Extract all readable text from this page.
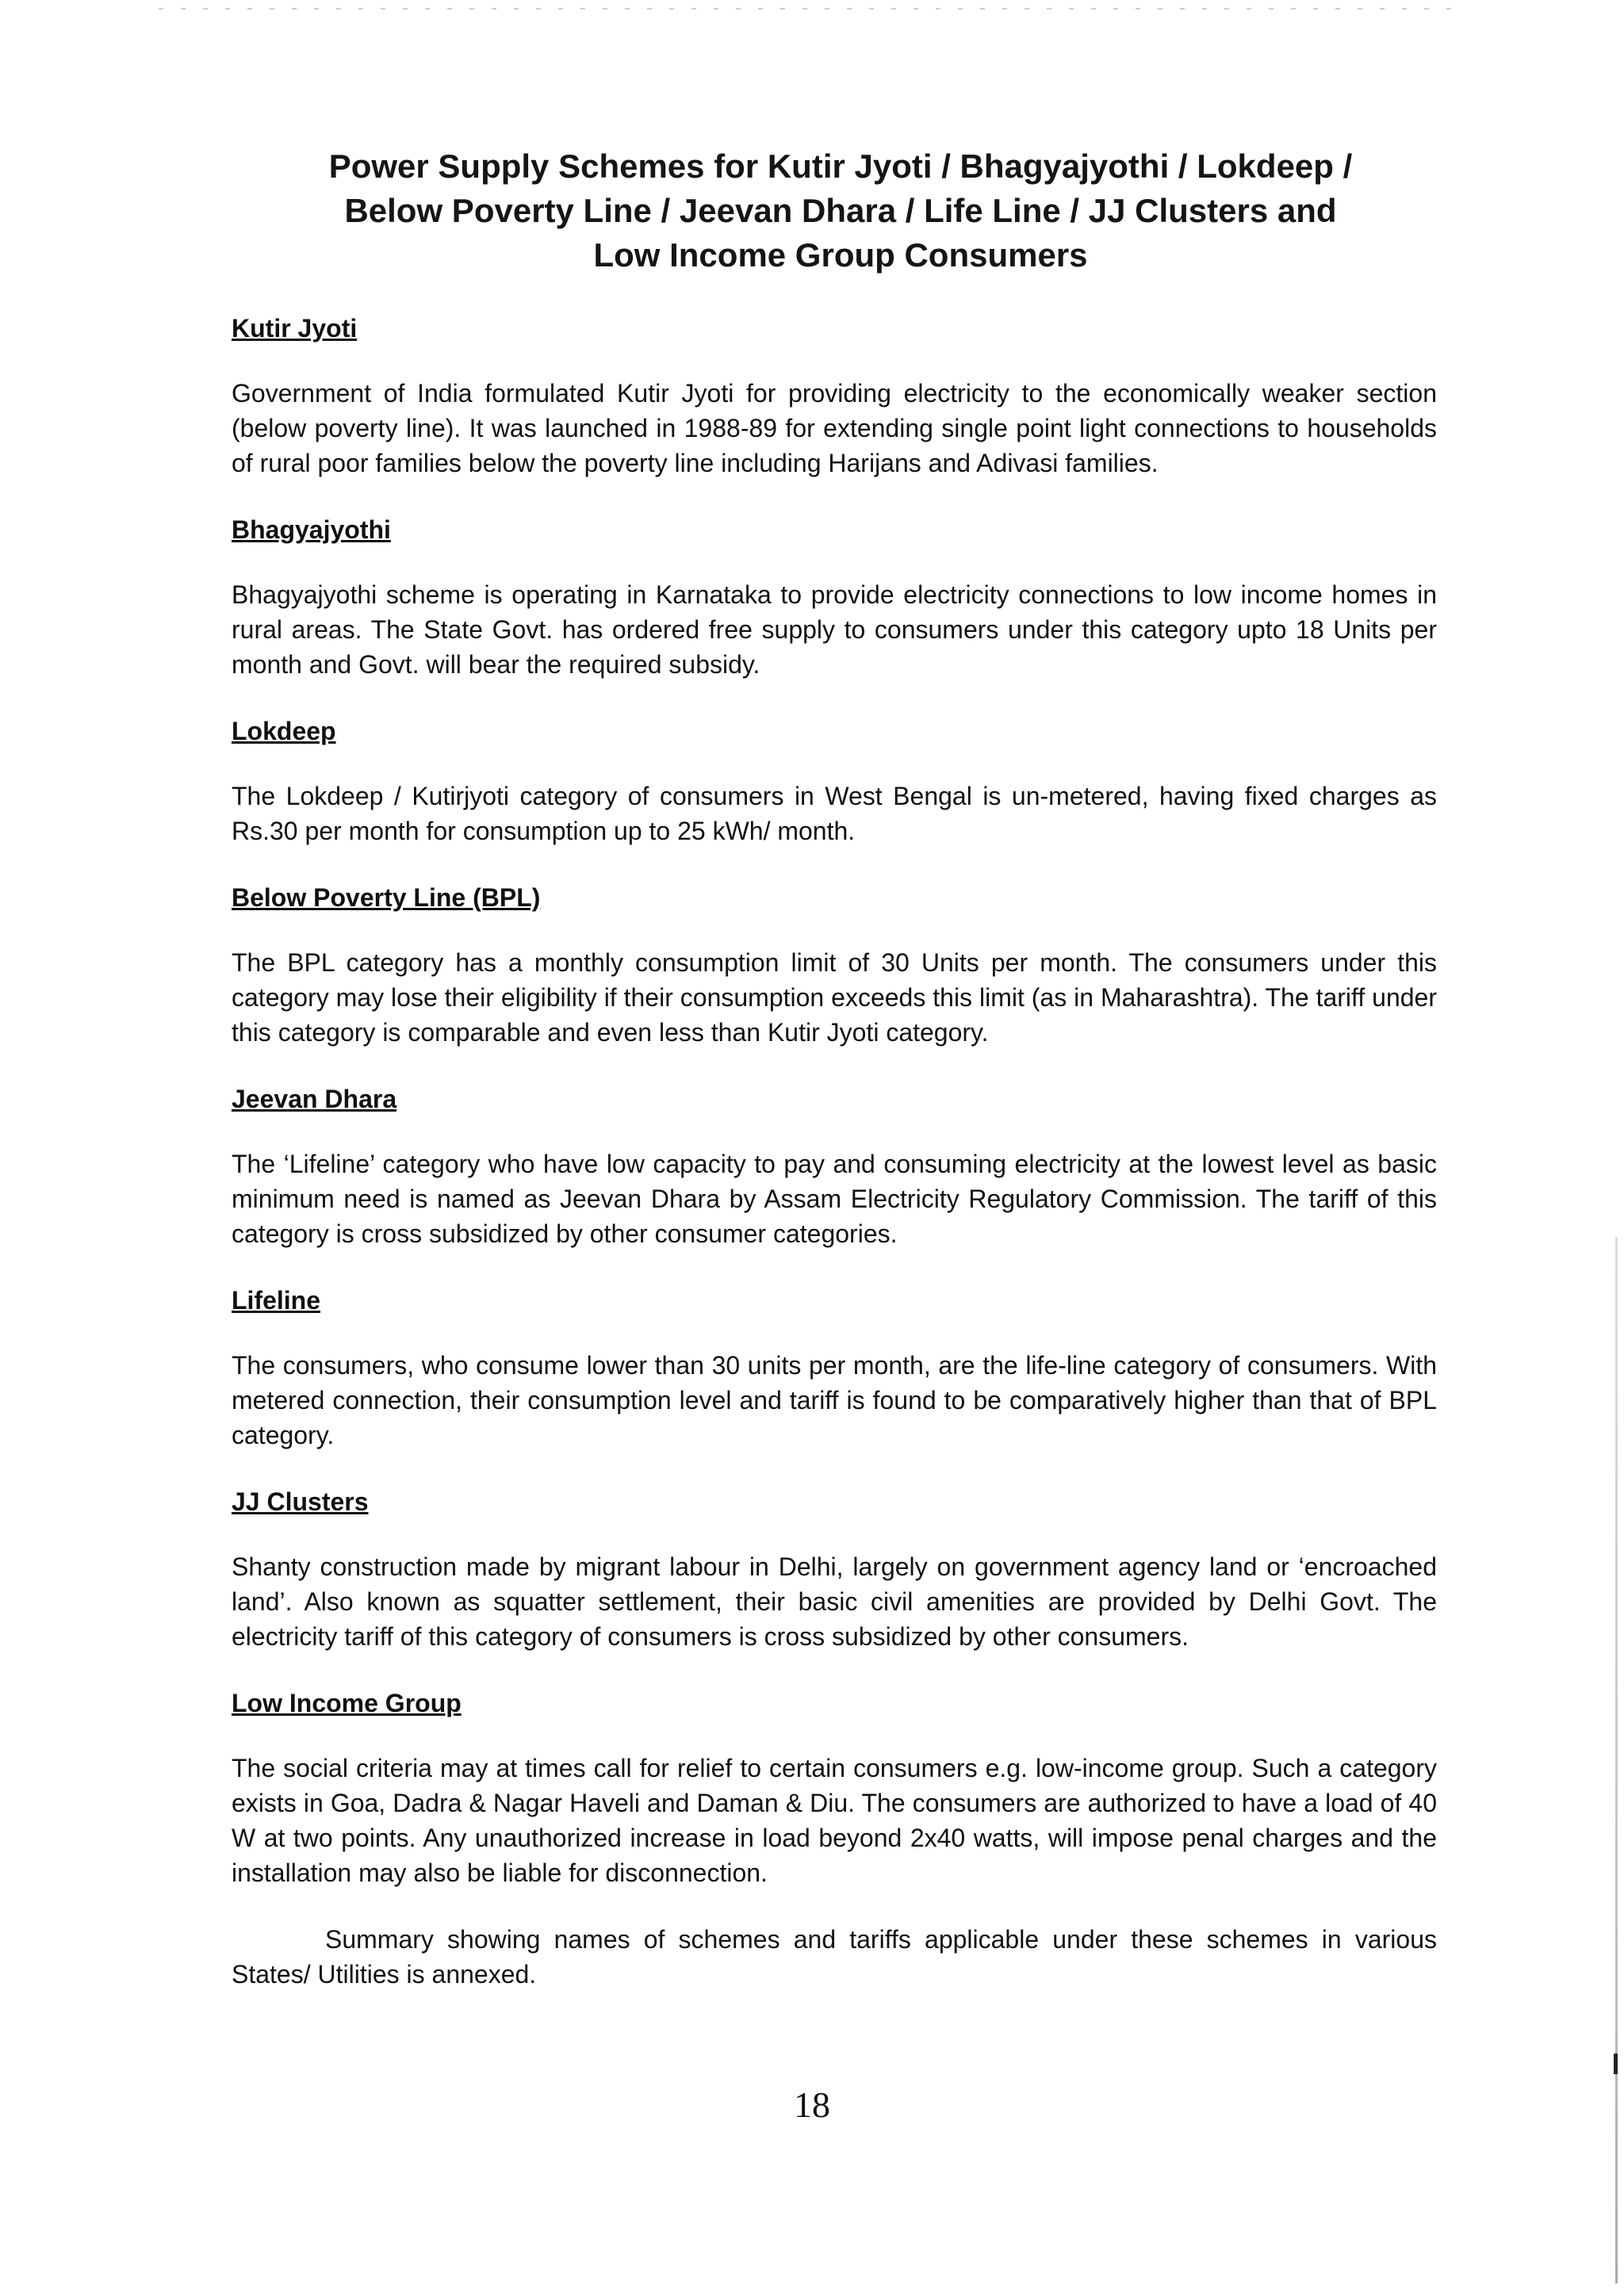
Power Supply Schemes for Kutir Jyoti / Bhagyajyothi / Lokdeep /
Below Poverty Line / Jeevan Dhara / Life Line / JJ Clusters and
Low Income Group Consumers
Kutir Jyoti
Government of India formulated Kutir Jyoti for providing electricity to the economically weaker section (below poverty line). It was launched in 1988-89 for extending single point light connections to households of rural poor families below the poverty line including Harijans and Adivasi families.
Bhagyajyothi
Bhagyajyothi scheme is operating in Karnataka to provide electricity connections to low income homes in rural areas. The State Govt. has ordered free supply to consumers under this category upto 18 Units per month and Govt. will bear the required subsidy.
Lokdeep
The Lokdeep / Kutirjyoti category of consumers in West Bengal is un-metered, having fixed charges as Rs.30 per month for consumption up to 25 kWh/ month.
Below Poverty Line (BPL)
The BPL category has a monthly consumption limit of 30 Units per month. The consumers under this category may lose their eligibility if their consumption exceeds this limit (as in Maharashtra). The tariff under this category is comparable and even less than Kutir Jyoti category.
Jeevan Dhara
The ‘Lifeline’ category who have low capacity to pay and consuming electricity at the lowest level as basic minimum need is named as Jeevan Dhara by Assam Electricity Regulatory Commission. The tariff of this category is cross subsidized by other consumer categories.
Lifeline
The consumers, who consume lower than 30 units per month, are the life-line category of consumers. With metered connection, their consumption level and tariff is found to be comparatively higher than that of BPL category.
JJ Clusters
Shanty construction made by migrant labour in Delhi, largely on government agency land or ‘encroached land’. Also known as squatter settlement, their basic civil amenities are provided by Delhi Govt. The electricity tariff of this category of consumers is cross subsidized by other consumers.
Low Income Group
The social criteria may at times call for relief to certain consumers e.g. low-income group. Such a category exists in Goa, Dadra & Nagar Haveli and Daman & Diu. The consumers are authorized to have a load of 40 W at two points. Any unauthorized increase in load beyond 2x40 watts, will impose penal charges and the installation may also be liable for disconnection.
Summary showing names of schemes and tariffs applicable under these schemes in various States/ Utilities is annexed.
18
